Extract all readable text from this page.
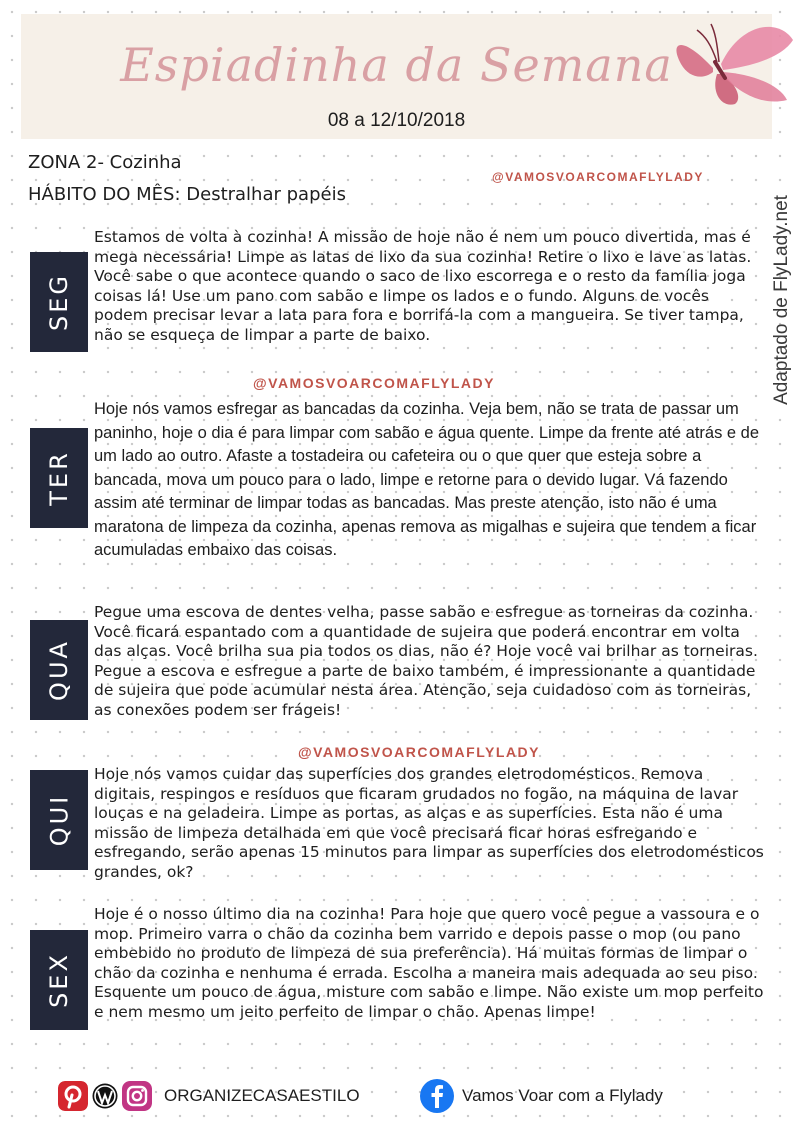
Espiadinha da Semana
08 a 12/10/2018
ZONA 2- Cozinha
HÁBITO DO MÊS: Destralhar papéis
@VAMOSVOARCOMAFLYLADY
@VAMOSVOARCOMAFLYLADY
@VAMOSVOARCOMAFLYLADY
Adaptado de FlyLady.net
SEG

Estamos de volta à cozinha! A missão de hoje não é nem um pouco divertida, mas é mega necessária! Limpe as latas de lixo da sua cozinha! Retire o lixo e lave as latas. Você sabe o que acontece quando o saco de lixo escorrega e o resto da família joga coisas lá! Use um pano com sabão e limpe os lados e o fundo. Alguns de vocês podem precisar levar a lata para fora e borrifá-la com a mangueira. Se tiver tampa, não se esqueça de limpar a parte de baixo.

TER

Hoje nós vamos esfregar as bancadas da cozinha. Veja bem, não se trata de passar um paninho, hoje o dia é para limpar com sabão e água quente. Limpe da frente até atrás e de um lado ao outro. Afaste a tostadeira ou cafeteira ou o que quer que esteja sobre a bancada, mova um pouco para o lado, limpe e retorne para o devido lugar. Vá fazendo assim até terminar de limpar todas as bancadas. Mas preste atenção, isto não é uma maratona de limpeza da cozinha, apenas remova as migalhas e sujeira que tendem a ficar acumuladas embaixo das coisas.

QUA

Pegue uma escova de dentes velha, passe sabão e esfregue as torneiras da cozinha. Você ficará espantado com a quantidade de sujeira que poderá encontrar em volta das alças. Você brilha sua pia todos os dias, não é? Hoje você vai brilhar as torneiras. Pegue a escova e esfregue a parte de baixo também, é impressionante a quantidade de sujeira que pode acumular nesta área. Atenção, seja cuidadoso com as torneiras, as conexões podem ser frágeis!

QUI

Hoje nós vamos cuidar das superfícies dos grandes eletrodomésticos. Remova digitais, respingos e resíduos que ficaram grudados no fogão, na máquina de lavar louças e na geladeira. Limpe as portas, as alças e as superfícies. Esta não é uma missão de limpeza detalhada em que você precisará ficar horas esfregando e esfregando, serão apenas 15 minutos para limpar as superfícies dos eletrodomésticos grandes, ok?

SEX

Hoje é o nosso último dia na cozinha! Para hoje que quero você pegue a vassoura e o mop. Primeiro varra o chão da cozinha bem varrido e depois passe o mop (ou pano embebido no produto de limpeza de sua preferência). Há muitas formas de limpar o chão da cozinha e nenhuma é errada. Escolha a maneira mais adequada ao seu piso. Esquente um pouco de água, misture com sabão e limpe. Não existe um mop perfeito e nem mesmo um jeito perfeito de limpar o chão. Apenas limpe!

ORGANIZECASAESTILO	Vamos Voar com a Flylady
